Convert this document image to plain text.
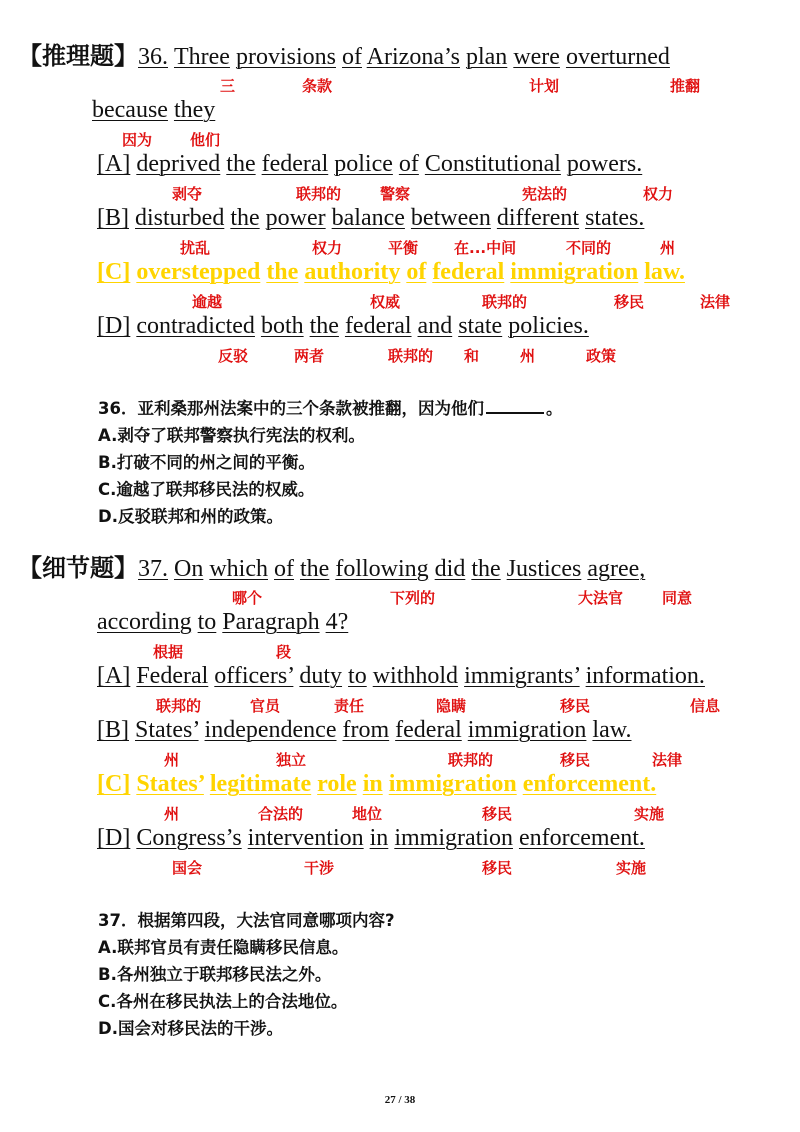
【推理题】36. Three provisions of Arizona’s plan were overturned
三	条款	计划	推翻
because they
因为	他们
[A] deprived the federal police of Constitutional powers.
剥夺	联邦的	警察	宪法的	权力
[B] disturbed the power balance between different states.
扰乱	权力	平衡 在...中间	不同的	州
[C] overstepped the authority of federal immigration law.
逾越	权威	联邦的	移民	法律
[D] contradicted both the federal and state policies.
反驳	两者	联邦的 和	州	政策
36．亚利桑那州法案中的三个条款被推翻，因为他们	。
A.剥夺了联邦警察执行宪法的权利。
B.打破不同的州之间的平衡。
C.逾越了联邦移民法的权威。
D.反驳联邦和州的政策。
【细节题】37. On which of the following did the Justices agree,
哪个	下列的	大法官	同意
according to Paragraph 4?
根据	段
[A] Federal officers’ duty to withhold immigrants’ information.
联邦的	官员	责任	隐瞒	移民	信息
[B] States’ independence from federal immigration law.
州	独立	联邦的	移民	法律
[C] States’ legitimate role in immigration enforcement.
州	合法的	地位	移民	实施
[D] Congress’s intervention in immigration enforcement.
国会	干涉	移民	实施
37．根据第四段，大法官同意哪项内容?
A.联邦官员有责任隐瞒移民信息。
B.各州独立于联邦移民法之外。
C.各州在移民执法上的合法地位。
D.国会对移民法的干涉。
27 / 38
